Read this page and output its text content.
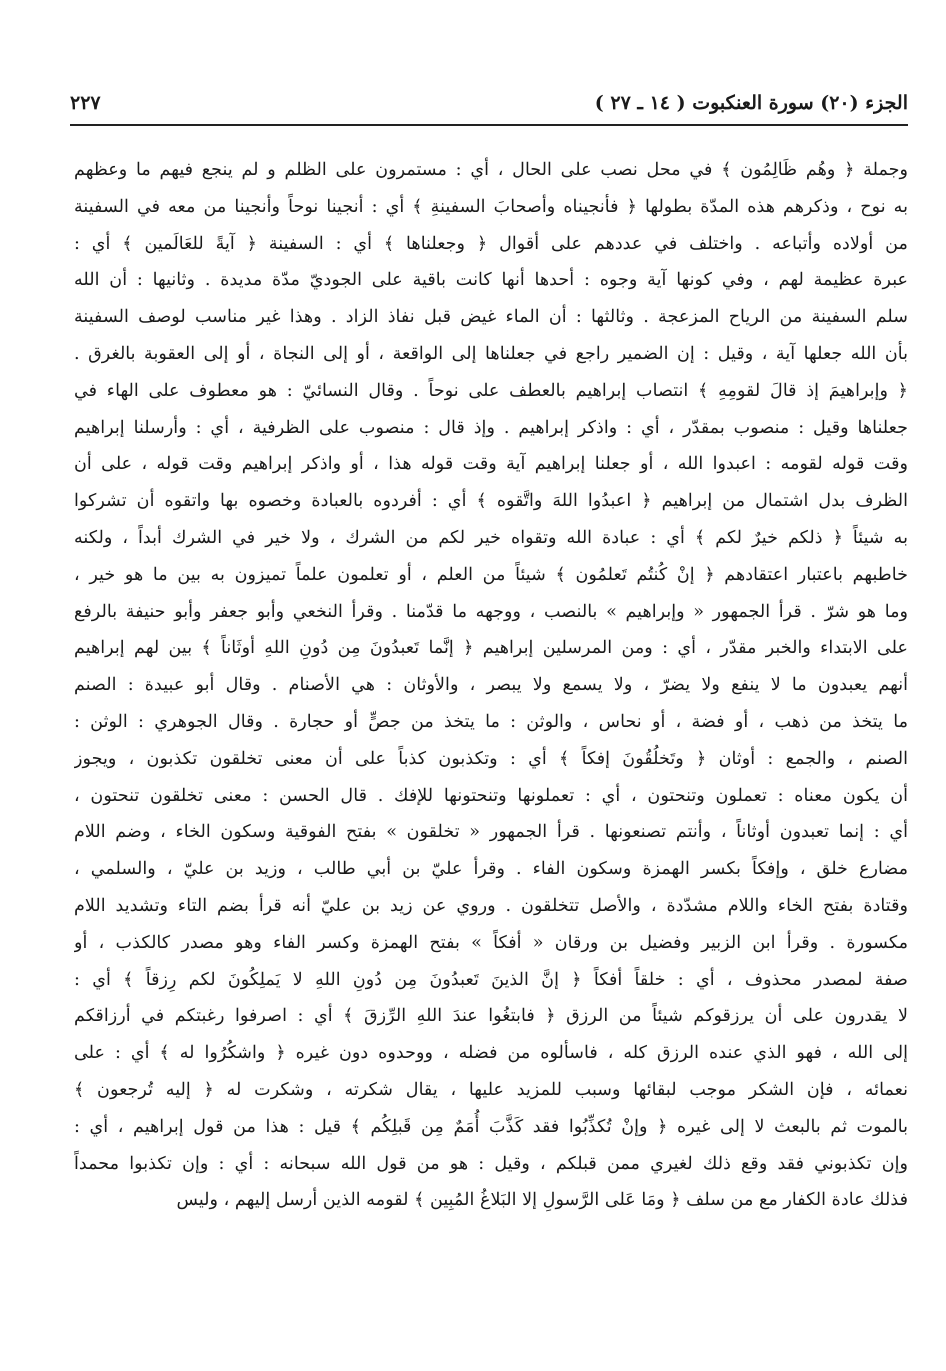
الجزء (٢٠) سورة العنكبوت ( ١٤ ـ ٢٧ )
٢٢٧
وجملة ﴿ وهُم ظَالِمُون ﴾ في محل نصب على الحال ، أي : مستمرون على الظلم و لم ينجع فيهم ما وعظهم
به نوح ، وذكرهم هذه المدّة بطولها ﴿ فأنجيناه وأصحابَ السفينةِ ﴾ أي : أنجينا نوحاً وأنجينا من معه في السفينة
من أولاده وأتباعه . واختلف في عددهم على أقوال ﴿ وجعلناها ﴾ أي : السفينة ﴿ آيةً للعَالَمين ﴾ أي :
عبرة عظيمة لهم ، وفي كونها آية وجوه : أحدها أنها كانت باقية على الجوديّ مدّة مديدة . وثانيها : أن الله
سلم السفينة من الرياح المزعجة . وثالثها : أن الماء غيض قبل نفاذ الزاد . وهذا غير مناسب لوصف السفينة
بأن الله جعلها آية ، وقيل : إن الضمير راجع في جعلناها إلى الواقعة ، أو إلى النجاة ، أو إلى العقوبة بالغرق .
﴿ وإبراهيمَ إذ قالَ لقومِهِ ﴾ انتصاب إبراهيم بالعطف على نوحاً . وقال النسائيّ : هو معطوف على الهاء في
جعلناها وقيل : منصوب بمقدّر ، أي : واذكر إبراهيم . وإذ قال : منصوب على الظرفية ، أي : وأرسلنا إبراهيم
وقت قوله لقومه : اعبدوا الله ، أو جعلنا إبراهيم آية وقت قوله هذا ، أو واذكر إبراهيم وقت قوله ، على أن
الظرف بدل اشتمال من إبراهيم ﴿ اعبدُوا اللهَ واتَّقوه ﴾ أي : أفردوه بالعبادة وخصوه بها واتقوه أن تشركوا
به شيئاً ﴿ ذلكم خيرٌ لكم ﴾ أي : عبادة الله وتقواه خير لكم من الشرك ، ولا خير في الشرك أبداً ، ولكنه
خاطبهم باعتبار اعتقادهم ﴿ إنْ كُنتُم تَعلمُون ﴾ شيئاً من العلم ، أو تعلمون علماً تميزون به بين ما هو خير ،
وما هو شرّ . قرأ الجمهور « وإبراهيم » بالنصب ، ووجهه ما قدّمنا . وقرأ النخعي وأبو جعفر وأبو حنيفة بالرفع
على الابتداء والخبر مقدّر ، أي : ومن المرسلين إبراهيم ﴿ إنَّما تَعبدُونَ مِن دُونِ اللهِ أوثَاناً ﴾ بين لهم إبراهيم
أنهم يعبدون ما لا ينفع ولا يضرّ ، ولا يسمع ولا يبصر ، والأوثان : هي الأصنام . وقال أبو عبيدة : الصنم
ما يتخذ من ذهب ، أو فضة ، أو نحاس ، والوثن : ما يتخذ من جصٍّ أو حجارة . وقال الجوهري : الوثن :
الصنم ، والجمع : أوثان ﴿ وتَخلُقُونَ إفكاً ﴾ أي : وتكذبون كذباً على أن معنى تخلقون تكذبون ، ويجوز
أن يكون معناه : تعملون وتنحتون ، أي : تعملونها وتنحتونها للإفك . قال الحسن : معنى تخلقون تنحتون ،
أي : إنما تعبدون أوثاناً ، وأنتم تصنعونها . قرأ الجمهور « تخلقون » بفتح الفوقية وسكون الخاء ، وضم اللام
مضارع خلق ، وإفكاً بكسر الهمزة وسكون الفاء . وقرأ عليّ بن أبي طالب ، وزيد بن عليّ ، والسلمي ،
وقتادة بفتح الخاء واللام مشدّدة ، والأصل تتخلقون . وروي عن زيد بن عليّ أنه قرأ بضم التاء وتشديد اللام
مكسورة . وقرأ ابن الزبير وفضيل بن ورقان « أفكاً » بفتح الهمزة وكسر الفاء وهو مصدر كالكذب ، أو
صفة لمصدر محذوف ، أي : خلقاً أفكاً ﴿ إنَّ الذينَ تَعبدُونَ مِن دُونِ اللهِ لا يَملِكُونَ لكم رِزقاً ﴾ أي :
لا يقدرون على أن يرزقوكم شيئاً من الرزق ﴿ فابتغُوا عندَ اللهِ الرِّزقَ ﴾ أي : اصرفوا رغبتكم في أرزاقكم
إلى الله ، فهو الذي عنده الرزق كله ، فاسألوه من فضله ، ووحدوه دون غيره ﴿ واشكُرُوا له ﴾ أي : على
نعمائه ، فإن الشكر موجب لبقائها وسبب للمزيد عليها ، يقال شكرته ، وشكرت له ﴿ إليه تُرجعون ﴾
بالموت ثم بالبعث لا إلى غيره ﴿ وإنْ تُكذِّبُوا فقد كَذَّبَ أُمَمٌ مِن قَبلِكُم ﴾ قيل : هذا من قول إبراهيم ، أي :
وإن تكذبوني فقد وقع ذلك لغيري ممن قبلكم ، وقيل : هو من قول الله سبحانه : أي : وإن تكذبوا محمداً
فذلك عادة الكفار مع من سلف ﴿ ومَا عَلى الرَّسولِ إلا البَلاغُ المُبِين ﴾ لقومه الذين أرسل إليهم ، وليس
